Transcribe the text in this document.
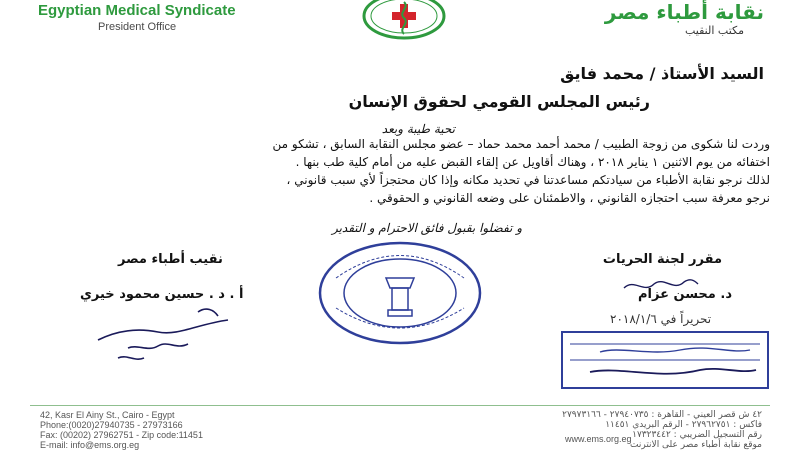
Egyptian Medical Syndicate
President Office
نقابة أطباء مصر
مكتب النقيب
السيد الأستاذ / محمد فايق
رئيس المجلس القومي لحقوق الإنسان
تحية طيبة وبعد
وردت لنا شكوى من زوجة الطبيب / محمد أحمد محمد حماد – عضو مجلس النقابة السابق ، تشكو من
اختفائه من يوم الاثنين ١ يناير ٢٠١٨ ، وهناك أقاويل عن إلقاء القبض عليه من أمام كلية طب بنها .
لذلك نرجو نقابة الأطباء من سيادتكم مساعدتنا في تحديد مكانه وإذا كان محتجزاً لأي سبب قانوني ،
نرجو معرفة سبب احتجازه القانوني ، والاطمئنان على وضعه القانوني و الحقوقي .
و تفضلوا بقبول فائق الاحترام و التقدير
نقيب أطباء مصر
أ . د . حسين محمود خيري
مقرر لجنة الحريات
د. محسن عزام
تحريراً في ٢٠١٨/١/٦
42, Kasr El Ainy St., Cairo - Egypt
Phone:(0020)27940735 - 27973166
Fax: (00202) 27962751 - Zip code:11451
E-mail: info@ems.org.eg
٤٢ ش قصر العيني - القاهرة : ٢٧٩٤٠٧٣٥ - ٢٧٩٧٣١٦٦
فاكس : ٢٧٩٦٢٧٥١ - الرقم البريدي ١١٤٥١
رقم التسجيل الضريبي : ١٧٣٢٣٤٤٢
موقع نقابة أطباء مصر على الانترنت
www.ems.org.eg
